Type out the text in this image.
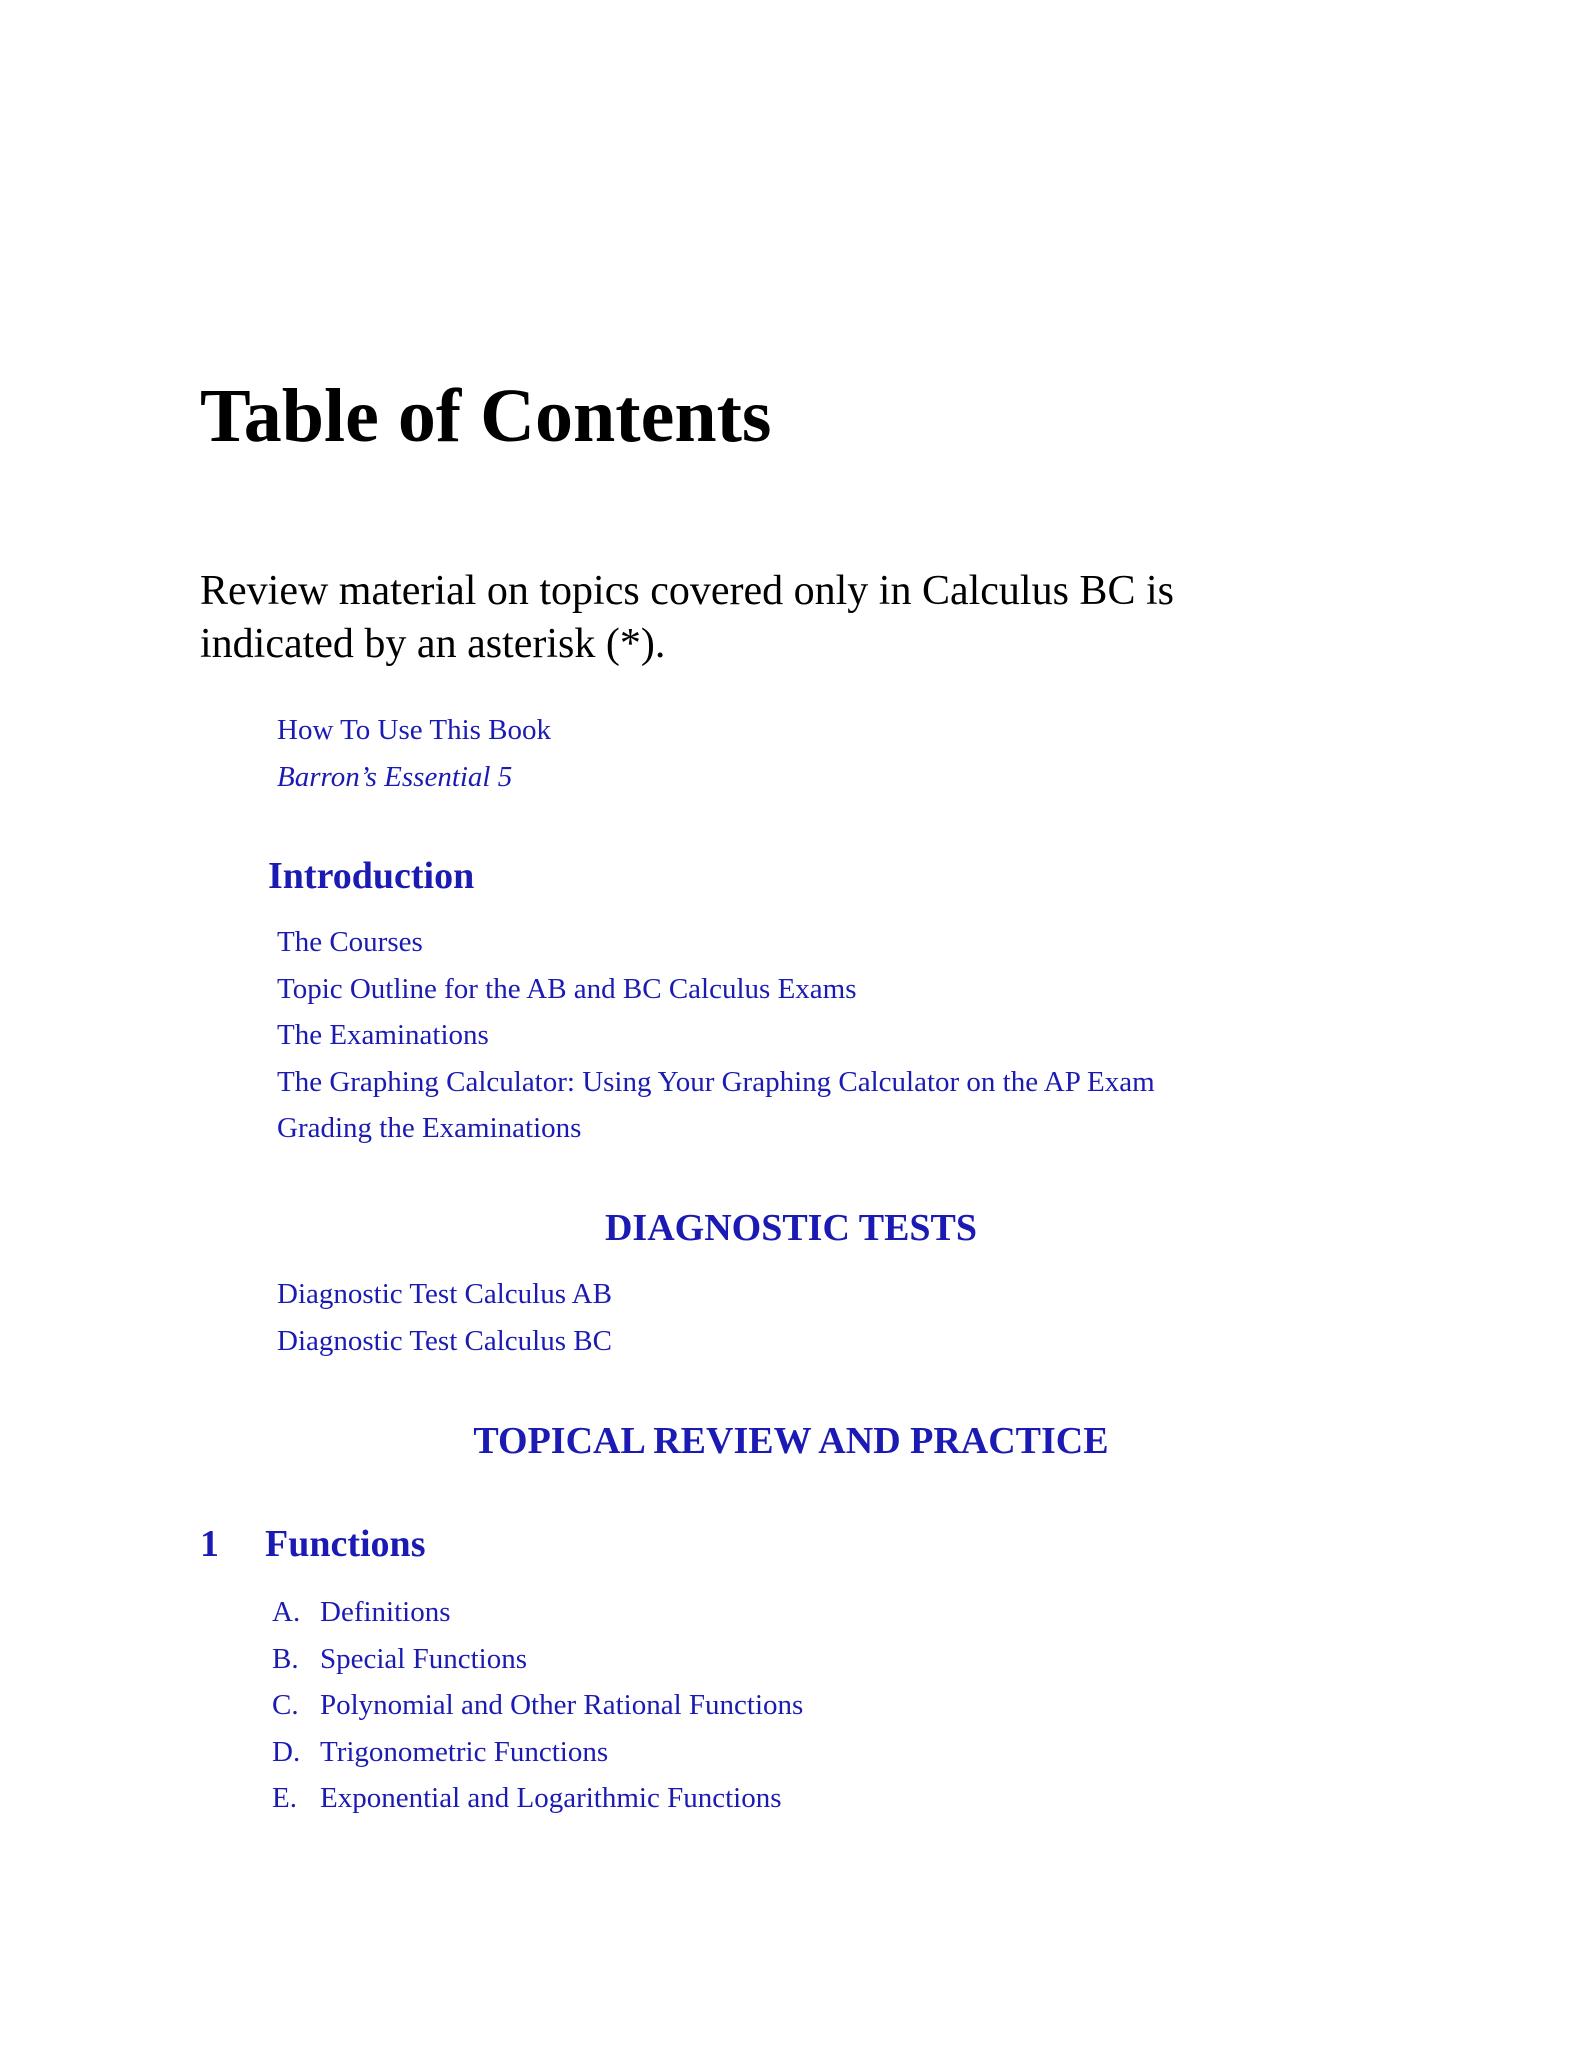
Table of Contents
Review material on topics covered only in Calculus BC is indicated by an asterisk (*).
How To Use This Book
Barron’s Essential 5
Introduction
The Courses
Topic Outline for the AB and BC Calculus Exams
The Examinations
The Graphing Calculator: Using Your Graphing Calculator on the AP Exam
Grading the Examinations
DIAGNOSTIC TESTS
Diagnostic Test Calculus AB
Diagnostic Test Calculus BC
TOPICAL REVIEW AND PRACTICE
1 Functions
A. Definitions
B. Special Functions
C. Polynomial and Other Rational Functions
D. Trigonometric Functions
E. Exponential and Logarithmic Functions
